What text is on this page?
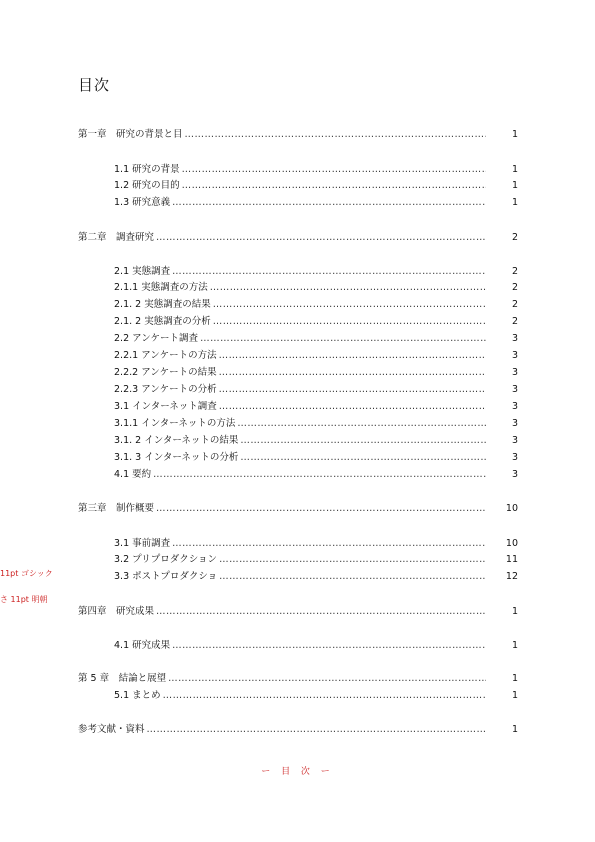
目次
第一章　研究の背景と目 …………………………………………………………………………………………………………………………………………………………………………	1
1.1 研究の背景 …………………………………………………………………………………………………………………………………………………………………………	1
1.2 研究の目的 …………………………………………………………………………………………………………………………………………………………………………	1
1.3 研究意義 …………………………………………………………………………………………………………………………………………………………………………	1
第二章　調査研究 …………………………………………………………………………………………………………………………………………………………………………	2
2.1 実態調査 …………………………………………………………………………………………………………………………………………………………………………	2
2.1.1 実態調査の方法 …………………………………………………………………………………………………………………………………………………………………………	2
2.1. 2 実態調査の結果 …………………………………………………………………………………………………………………………………………………………………………	2
2.1. 2 実態調査の分析 …………………………………………………………………………………………………………………………………………………………………………	2
2.2 アンケート調査 …………………………………………………………………………………………………………………………………………………………………………	3
2.2.1 アンケートの方法 …………………………………………………………………………………………………………………………………………………………………………	3
2.2.2 アンケートの結果 …………………………………………………………………………………………………………………………………………………………………………	3
2.2.3 アンケートの分析 …………………………………………………………………………………………………………………………………………………………………………	3
3.1 インターネット調査 …………………………………………………………………………………………………………………………………………………………………………	3
3.1.1 インターネットの方法 …………………………………………………………………………………………………………………………………………………………………………	3
3.1. 2 インターネットの結果 …………………………………………………………………………………………………………………………………………………………………………	3
3.1. 3 インターネットの分析 …………………………………………………………………………………………………………………………………………………………………………	3
4.1 要約 …………………………………………………………………………………………………………………………………………………………………………	3
第三章　制作概要 …………………………………………………………………………………………………………………………………………………………………………	10
3.1 事前調査 …………………………………………………………………………………………………………………………………………………………………………	10
3.2 プリプロダクション …………………………………………………………………………………………………………………………………………………………………………	11
3.3 ポストプロダクショ …………………………………………………………………………………………………………………………………………………………………………	12
第四章　研究成果 …………………………………………………………………………………………………………………………………………………………………………	1
4.1 研究成果 …………………………………………………………………………………………………………………………………………………………………………	1
第 5 章　結論と展望 …………………………………………………………………………………………………………………………………………………………………………	1
5.1 まとめ …………………………………………………………………………………………………………………………………………………………………………	1
参考文献・資料 …………………………………………………………………………………………………………………………………………………………………………	1
11pt ゴシック
さ 11pt 明朝
ー 目 次 ー
